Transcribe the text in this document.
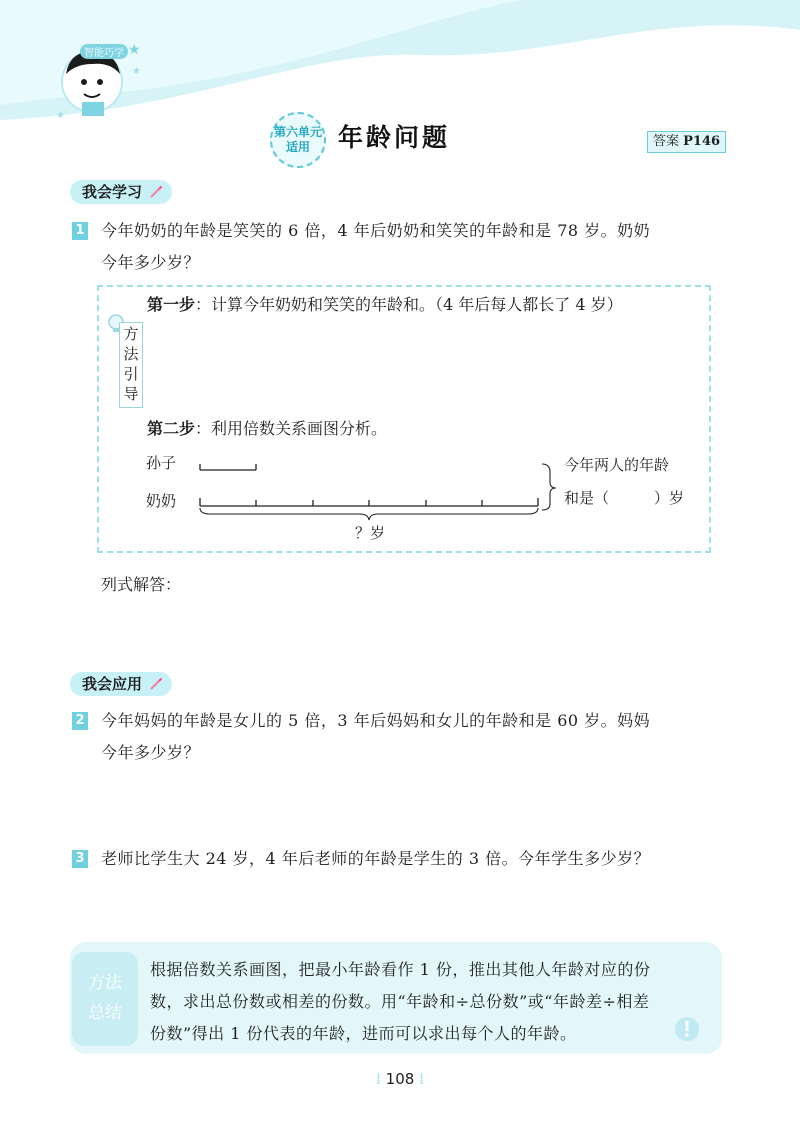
★
★
★
智能巧学
第六单元
适用	年龄问题	答案 P146
我会学习
1 今年奶奶的年龄是笑笑的 6 倍，4 年后奶奶和笑笑的年龄和是 78 岁。奶奶
今年多少岁？
方
法
引
导
第一步：计算今年奶奶和笑笑的年龄和。（4 年后每人都长了 4 岁）
第二步：利用倍数关系画图分析。
孙子
奶奶
今年两人的年龄
和是（　　　）岁
？岁
列式解答：
我会应用
2 今年妈妈的年龄是女儿的 5 倍，3 年后妈妈和女儿的年龄和是 60 岁。妈妈
今年多少岁？
3 老师比学生大 24 岁，4 年后老师的年龄是学生的 3 倍。今年学生多少岁？
方法
总结
根据倍数关系画图，把最小年龄看作 1 份，推出其他人年龄对应的份
数，求出总份数或相差的份数。用“年龄和÷总份数”或“年龄差÷相差
份数”得出 1 份代表的年龄，进而可以求出每个人的年龄。
⁞ 108 ⁞
